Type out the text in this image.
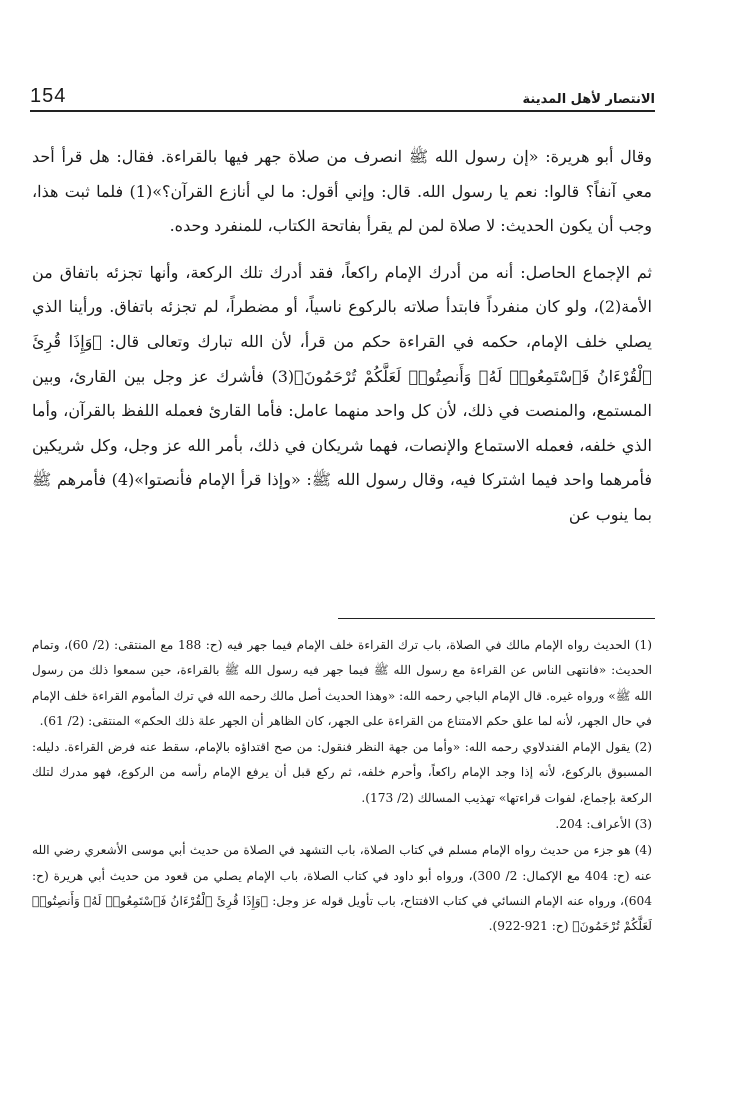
154	الانتصار لأهل المدينة

وقال أبو هريرة: «إن رسول الله ﷺ انصرف من صلاة جهر فيها بالقراءة. فقال: هل قرأ أحد معي آنفاً؟ قالوا: نعم يا رسول الله. قال: وإني أقول: ما لي أنازع القرآن؟»(1) فلما ثبت هذا، وجب أن يكون الحديث: لا صلاة لمن لم يقرأ بفاتحة الكتاب، للمنفرد وحده.

ثم الإجماع الحاصل: أنه من أدرك الإمام راكعاً، فقد أدرك تلك الركعة، وأنها تجزئه باتفاق من الأمة(2)، ولو كان منفرداً فابتدأ صلاته بالركوع ناسياً، أو مضطراً، لم تجزئه باتفاق. ورأينا الذي يصلي خلف الإمام، حكمه في القراءة حكم من قرأ، لأن الله تبارك وتعالى قال: ﴿وَإِذَا قُرِئَ ٱلْقُرْءَانُ فَٱسْتَمِعُوا۟ لَهُۥ وَأَنصِتُوا۟ لَعَلَّكُمْ تُرْحَمُونَ﴾(3) فأشرك عز وجل بين القارئ، وبين المستمع، والمنصت في ذلك، لأن كل واحد منهما عامل: فأما القارئ فعمله اللفظ بالقرآن، وأما الذي خلفه، فعمله الاستماع والإنصات، فهما شريكان في ذلك، بأمر الله عز وجل، وكل شريكين فأمرهما واحد فيما اشتركا فيه، وقال رسول الله ﷺ: «وإذا قرأ الإمام فأنصتوا»(4) فأمرهم ﷺ بما ينوب عن

(1) الحديث رواه الإمام مالك في الصلاة، باب ترك القراءة خلف الإمام فيما جهر فيه (ح: 188 مع المنتقى: (2/ 60)، وتمام الحديث: «فانتهى الناس عن القراءة مع رسول الله ﷺ فيما جهر فيه رسول الله ﷺ بالقراءة، حين سمعوا ذلك من رسول الله ﷺ» ورواه غيره. قال الإمام الباجي رحمه الله: «وهذا الحديث أصل مالك رحمه الله في ترك المأموم القراءة خلف الإمام في حال الجهر، لأنه لما علق حكم الامتناع من القراءة على الجهر، كان الظاهر أن الجهر علة ذلك الحكم» المنتقى: (2/ 61).

(2) يقول الإمام الفندلاوي رحمه الله: «وأما من جهة النظر فنقول: من صح اقتداؤه بالإمام، سقط عنه فرض القراءة. دليله: المسبوق بالركوع، لأنه إذا وجد الإمام راكعاً، وأحرم خلفه، ثم ركع قبل أن يرفع الإمام رأسه من الركوع، فهو مدرك لتلك الركعة بإجماع، لفوات قراءتها» تهذيب المسالك (2/ 173).

(3) الأعراف: 204.

(4) هو جزء من حديث رواه الإمام مسلم في كتاب الصلاة، باب التشهد في الصلاة من حديث أبي موسى الأشعري رضي الله عنه (ح: 404 مع الإكمال: 2/ 300)، ورواه أبو داود في كتاب الصلاة، باب الإمام يصلي من قعود من حديث أبي هريرة (ح: 604)، ورواه عنه الإمام النسائي في كتاب الافتتاح، باب تأويل قوله عز وجل: ﴿وَإِذَا قُرِئَ ٱلْقُرْءَانُ فَٱسْتَمِعُوا۟ لَهُۥ وَأَنصِتُوا۟ لَعَلَّكُمْ تُرْحَمُونَ﴾ (ح: 921-922).
